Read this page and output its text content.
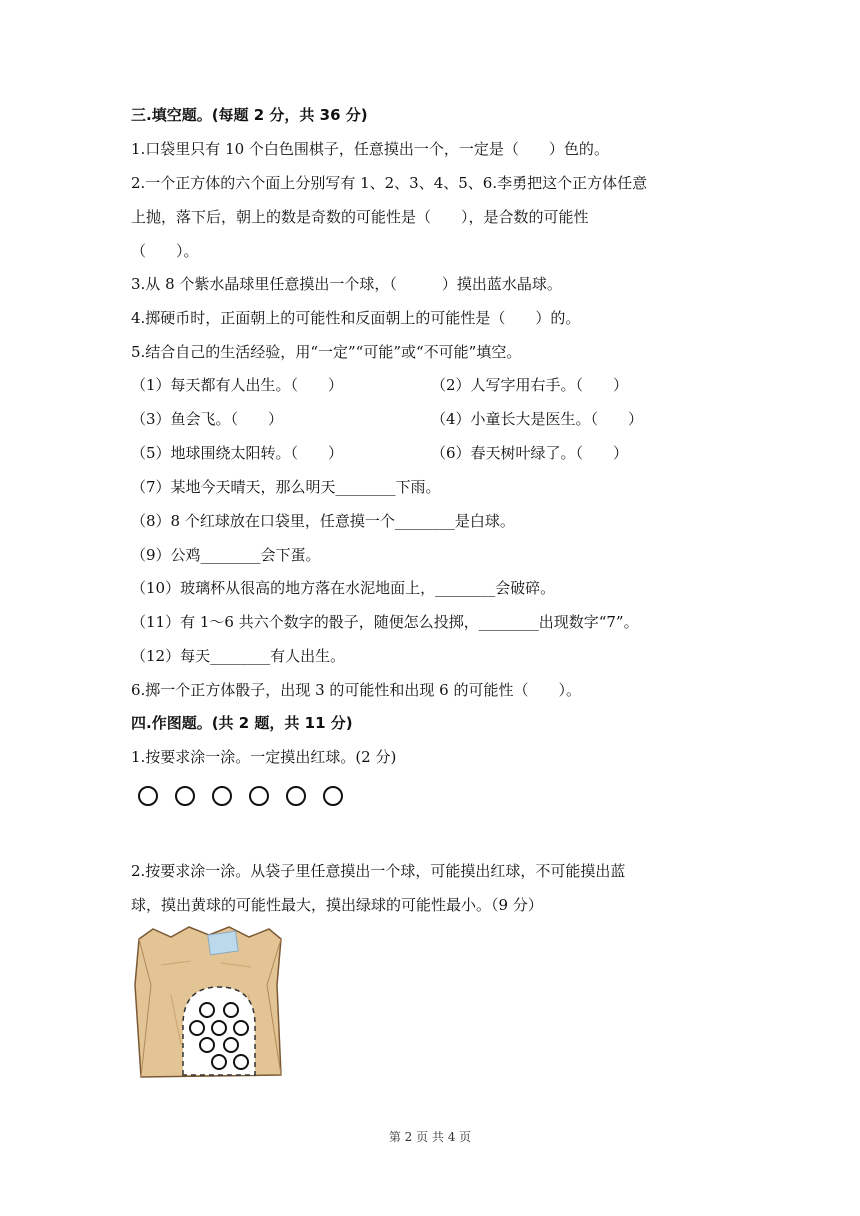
三.填空题。(每题 2 分，共 36 分)
1.口袋里只有 10 个白色围棋子，任意摸出一个，一定是（　　）色的。
2.一个正方体的六个面上分别写有 1、2、3、4、5、6.李勇把这个正方体任意
上抛，落下后，朝上的数是奇数的可能性是（　　），是合数的可能性
（　　）。
3.从 8 个紫水晶球里任意摸出一个球，（　　　）摸出蓝水晶球。
4.掷硬币时，正面朝上的可能性和反面朝上的可能性是（　　）的。
5.结合自己的生活经验，用“一定”“可能”或“不可能”填空。
（1）每天都有人出生。（　　）	（2）人写字用右手。（　　）
（3）鱼会飞。（　　）	（4）小童长大是医生。（　　）
（5）地球围绕太阳转。（　　）	（6）春天树叶绿了。（　　）
（7）某地今天晴天，那么明天________下雨。
（8）8 个红球放在口袋里，任意摸一个________是白球。
（9）公鸡________会下蛋。
（10）玻璃杯从很高的地方落在水泥地面上，________会破碎。
（11）有 1～6 共六个数字的骰子，随便怎么投掷，________出现数字“7”。
（12）每天________有人出生。
6.掷一个正方体骰子，出现 3 的可能性和出现 6 的可能性（　　）。
四.作图题。(共 2 题，共 11 分)
1.按要求涂一涂。一定摸出红球。(2 分)
2.按要求涂一涂。从袋子里任意摸出一个球，可能摸出红球，不可能摸出蓝
球，摸出黄球的可能性最大，摸出绿球的可能性最小。（9 分）
第 2 页 共 4 页
